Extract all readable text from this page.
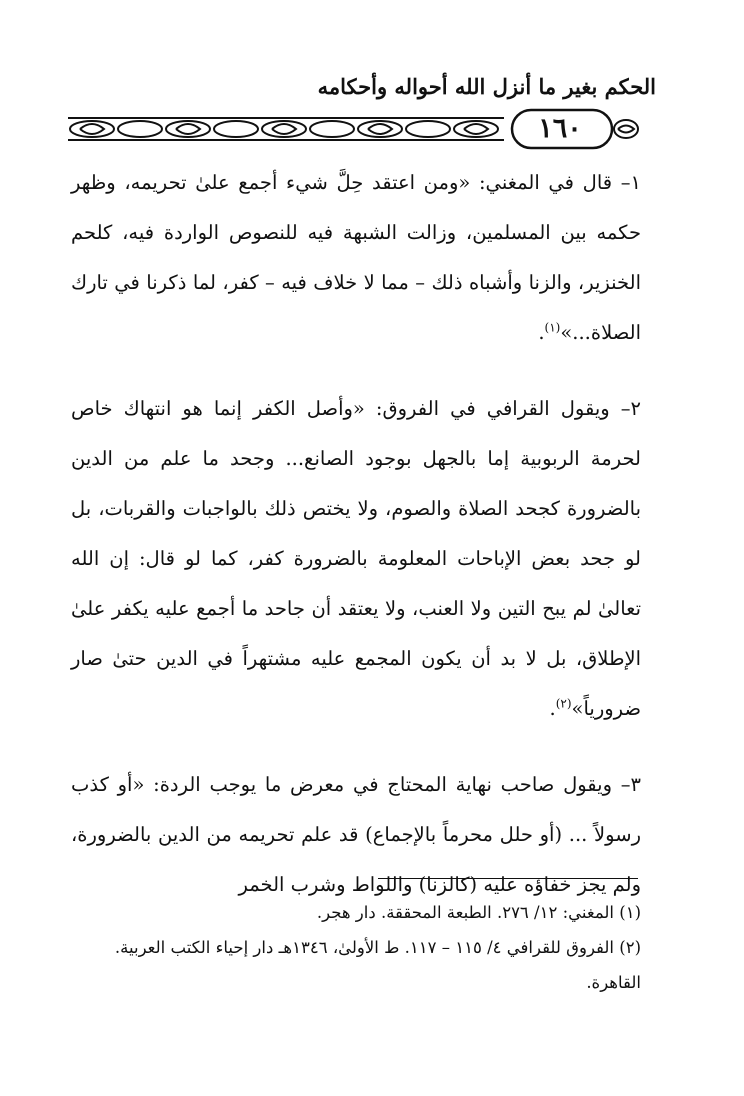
الحكم بغير ما أنزل الله أحواله وأحكامه
١٦٠

١– قال في المغني: «ومن اعتقد حِلَّ شيء أجمع علىٰ تحريمه، وظهر حكمه بين المسلمين، وزالت الشبهة فيه للنصوص الواردة فيه، كلحم الخنزير، والزنا وأشباه ذلك – مما لا خلاف فيه – كفر، لما ذكرنا في تارك الصلاة...»$^{(١)}$.

٢– ويقول القرافي في الفروق: «وأصل الكفر إنما هو انتهاك خاص لحرمة الربوبية إما بالجهل بوجود الصانع... وجحد ما علم من الدين بالضرورة كجحد الصلاة والصوم، ولا يختص ذلك بالواجبات والقربات، بل لو جحد بعض الإباحات المعلومة بالضرورة كفر، كما لو قال: إن الله تعالىٰ لم يبح التين ولا العنب، ولا يعتقد أن جاحد ما أجمع عليه يكفر علىٰ الإطلاق، بل لا بد أن يكون المجمع عليه مشتهراً في الدين حتىٰ صار ضرورياً»$^{(٢)}$.

٣– ويقول صاحب نهاية المحتاج في معرض ما يوجب الردة: «أو كذب رسولاً ... (أو حلل محرماً بالإجماع) قد علم تحريمه من الدين بالضرورة، ولم يجز خفاؤه عليه (كالزنا) واللواط وشرب الخمر

(١) المغني: ١٢/ ٢٧٦. الطبعة المحققة. دار هجر.

(٢) الفروق للقرافي ٤/ ١١٥ – ١١٧. ط الأولىٰ، ١٣٤٦هـ دار إحياء الكتب العربية. القاهرة.
